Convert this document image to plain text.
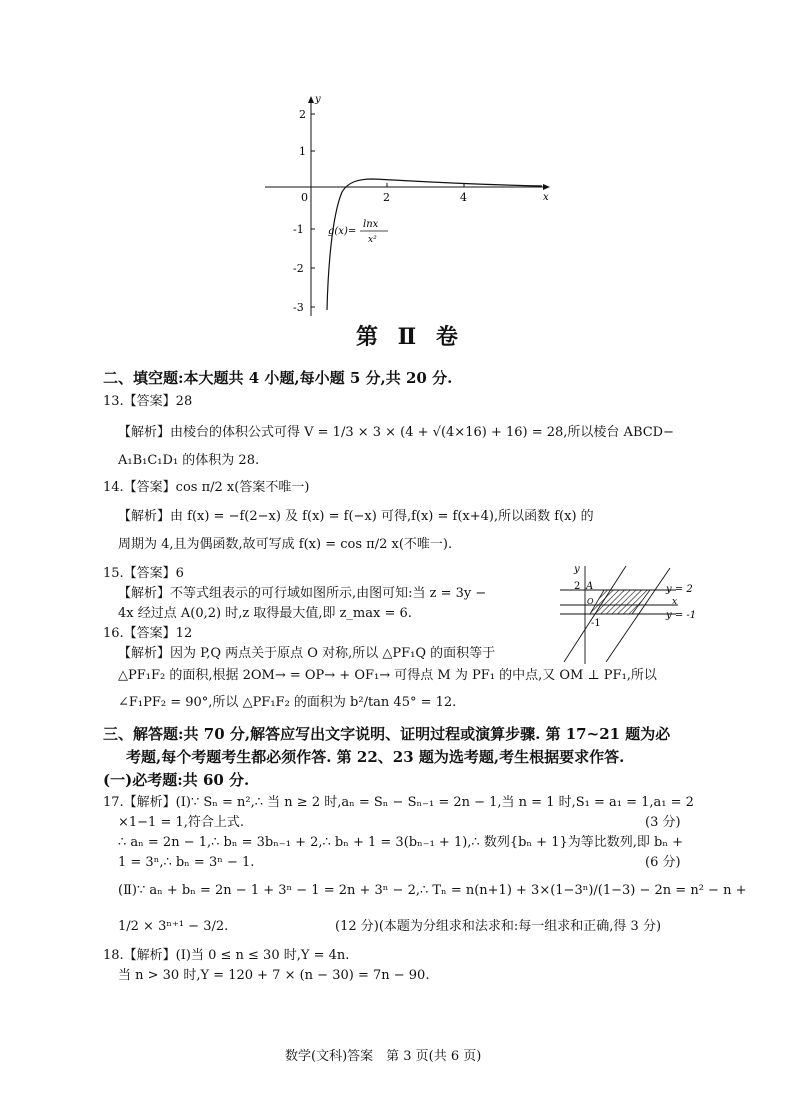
y
x
2
1
-1
-2
-3
0	2	4
g(x)=
lnx
x²
第 Ⅱ 卷
二、填空题:本大题共 4 小题,每小题 5 分,共 20 分.
13.【答案】28
【解析】由棱台的体积公式可得 V = 1/3 × 3 × (4 + √(4×16) + 16) = 28,所以棱台 ABCD−
A₁B₁C₁D₁ 的体积为 28.
14.【答案】cos π/2 x(答案不唯一)
【解析】由 f(x) = −f(2−x) 及 f(x) = f(−x) 可得,f(x) = f(x+4),所以函数 f(x) 的
周期为 4,且为偶函数,故可写成 f(x) = cos π/2 x(不唯一).
15.【答案】6
【解析】不等式组表示的可行域如图所示,由图可知:当 z = 3y −
4x 经过点 A(0,2) 时,z 取得最大值,即 z_max = 6.
16.【答案】12
【解析】因为 P,Q 两点关于原点 O 对称,所以 △PF₁Q 的面积等于
△PF₁F₂ 的面积,根据 2OM→ = OP→ + OF₁→ 可得点 M 为 PF₁ 的中点,又 OM ⊥ PF₁,所以
∠F₁PF₂ = 90°,所以 △PF₁F₂ 的面积为 b²/tan 45° = 12.
y
y = 2
x
y = -1
2 A
O
-1
三、解答题:共 70 分,解答应写出文字说明、证明过程或演算步骤. 第 17~21 题为必
考题,每个考题考生都必须作答. 第 22、23 题为选考题,考生根据要求作答.
(一)必考题:共 60 分.
17.【解析】(Ⅰ)∵ Sₙ = n²,∴ 当 n ≥ 2 时,aₙ = Sₙ − Sₙ₋₁ = 2n − 1,当 n = 1 时,S₁ = a₁ = 1,a₁ = 2
×1−1 = 1,符合上式.	(3 分)
∴ aₙ = 2n − 1,∴ bₙ = 3bₙ₋₁ + 2,∴ bₙ + 1 = 3(bₙ₋₁ + 1),∴ 数列{bₙ + 1}为等比数列,即 bₙ +
1 = 3ⁿ,∴ bₙ = 3ⁿ − 1.	(6 分)
(Ⅱ)∵ aₙ + bₙ = 2n − 1 + 3ⁿ − 1 = 2n + 3ⁿ − 2,∴ Tₙ = n(n+1) + 3×(1−3ⁿ)/(1−3) − 2n = n² − n +
1/2 × 3ⁿ⁺¹ − 3/2.	(12 分)(本题为分组求和法求和:每一组求和正确,得 3 分)
18.【解析】(Ⅰ)当 0 ≤ n ≤ 30 时,Y = 4n.
当 n > 30 时,Y = 120 + 7 × (n − 30) = 7n − 90.
数学(文科)答案　第 3 页(共 6 页)
